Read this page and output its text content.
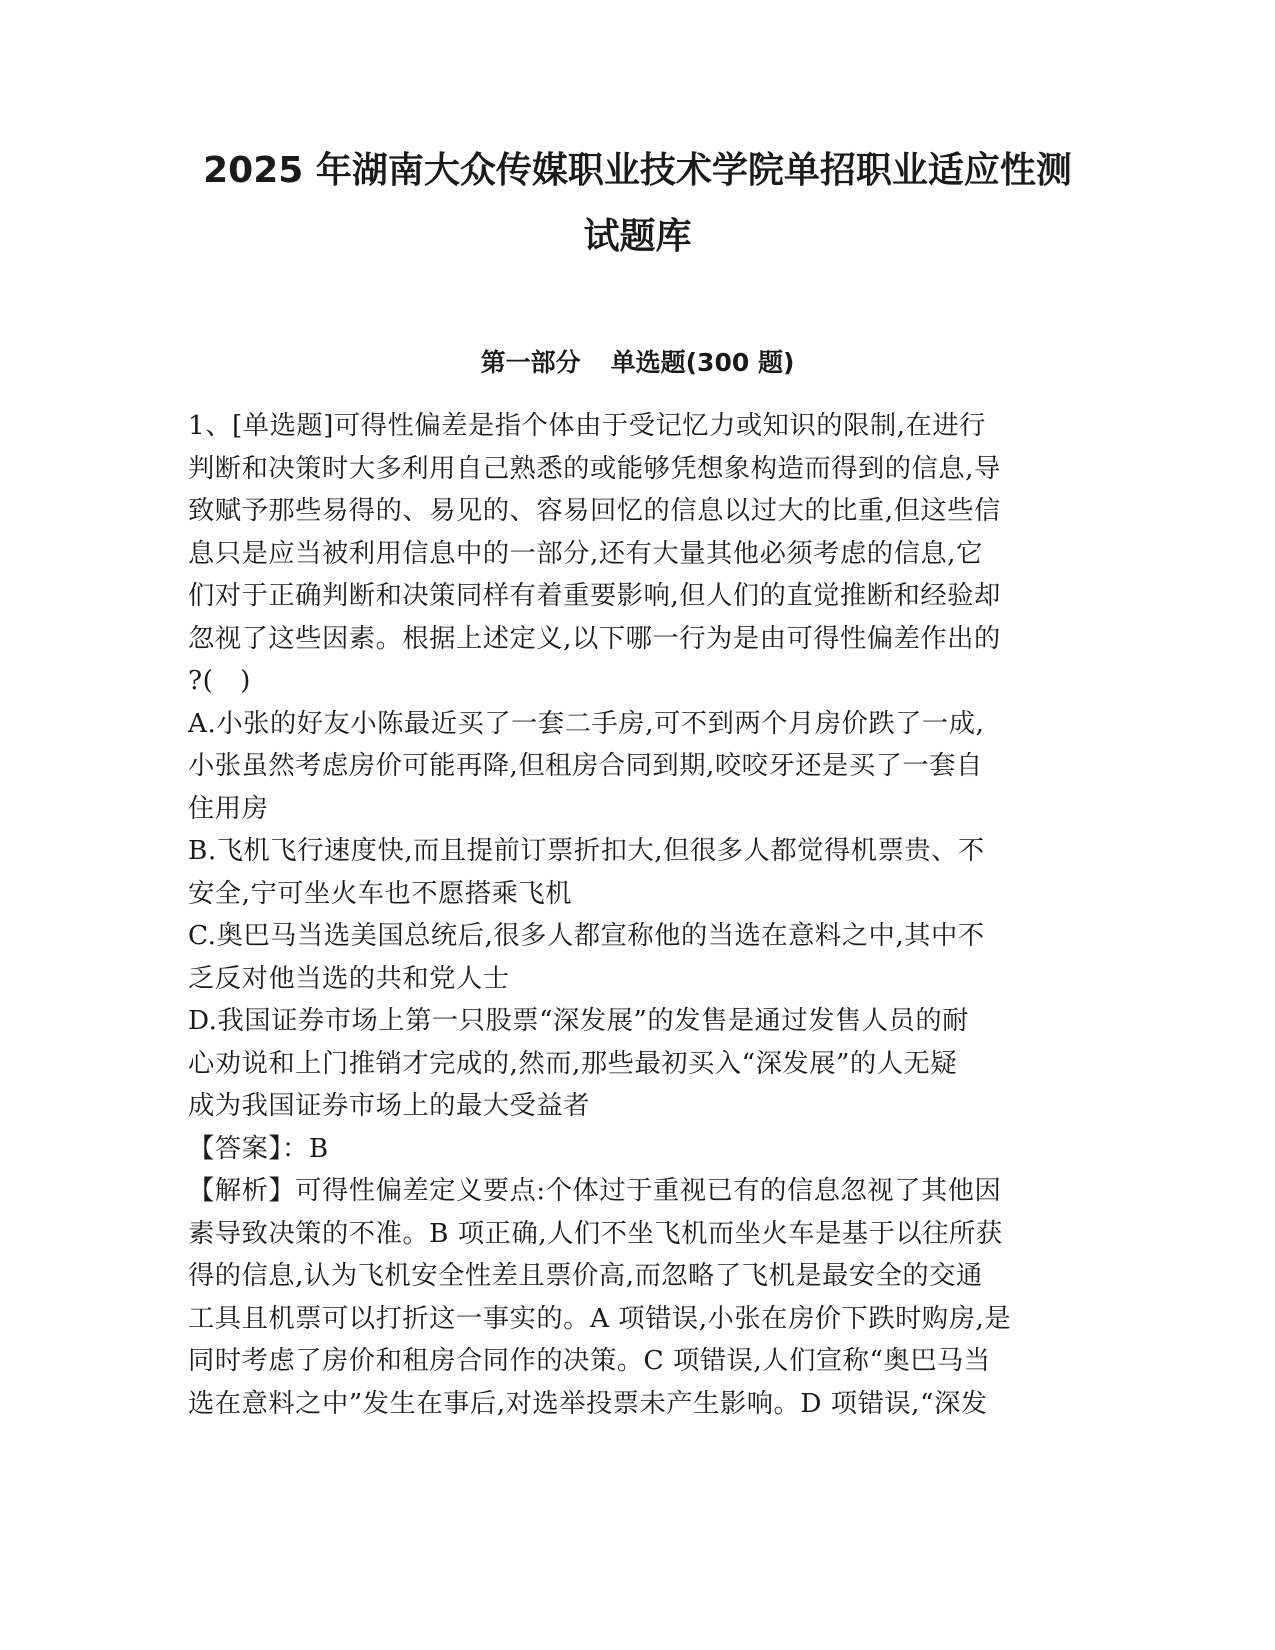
2025 年湖南大众传媒职业技术学院单招职业适应性测
试题库
第一部分 单选题(300 题)

1、[单选题]可得性偏差是指个体由于受记忆力或知识的限制,在进行
判断和决策时大多利用自己熟悉的或能够凭想象构造而得到的信息,导
致赋予那些易得的、易见的、容易回忆的信息以过大的比重,但这些信
息只是应当被利用信息中的一部分,还有大量其他必须考虑的信息,它
们对于正确判断和决策同样有着重要影响,但人们的直觉推断和经验却
忽视了这些因素。根据上述定义,以下哪一行为是由可得性偏差作出的
?(　)

A.小张的好友小陈最近买了一套二手房,可不到两个月房价跌了一成,
小张虽然考虑房价可能再降,但租房合同到期,咬咬牙还是买了一套自
住用房

B.飞机飞行速度快,而且提前订票折扣大,但很多人都觉得机票贵、不
安全,宁可坐火车也不愿搭乘飞机

C.奥巴马当选美国总统后,很多人都宣称他的当选在意料之中,其中不
乏反对他当选的共和党人士

D.我国证券市场上第一只股票“深发展”的发售是通过发售人员的耐
心劝说和上门推销才完成的,然而,那些最初买入“深发展”的人无疑
成为我国证券市场上的最大受益者

【答案】：B

【解析】可得性偏差定义要点:个体过于重视已有的信息忽视了其他因
素导致决策的不准。B 项正确,人们不坐飞机而坐火车是基于以往所获
得的信息,认为飞机安全性差且票价高,而忽略了飞机是最安全的交通
工具且机票可以打折这一事实的。A 项错误,小张在房价下跌时购房,是
同时考虑了房价和租房合同作的决策。C 项错误,人们宣称“奥巴马当
选在意料之中”发生在事后,对选举投票未产生影响。D 项错误,“深发
